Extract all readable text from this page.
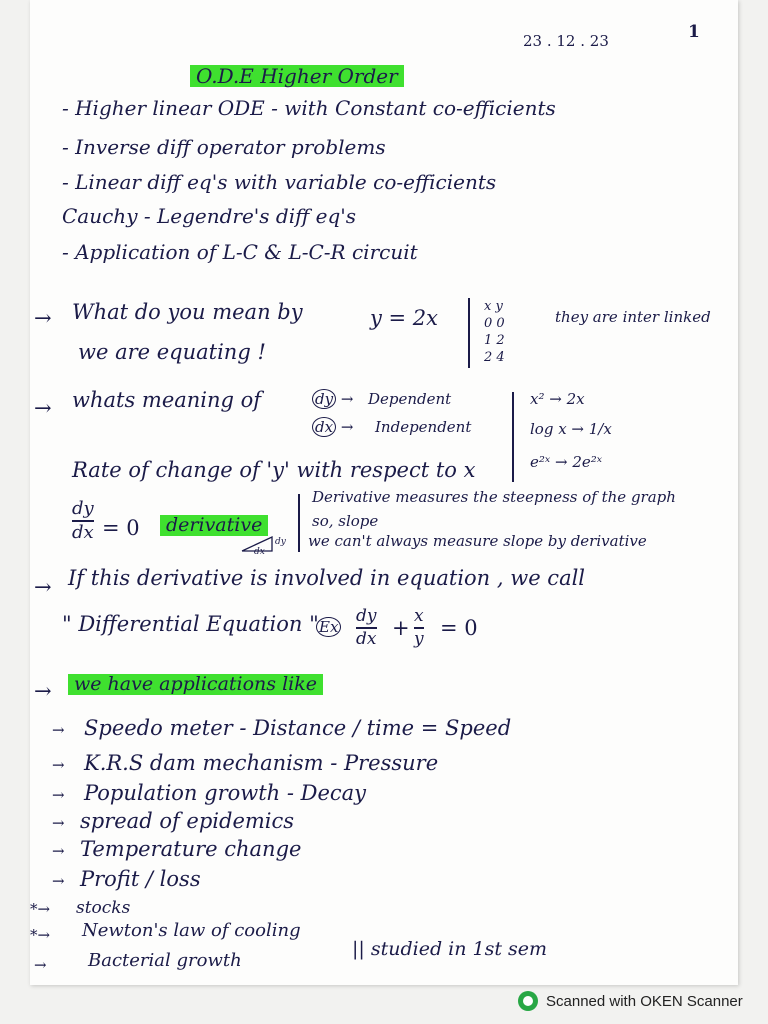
23 . 12 . 23	1
O.D.E Higher Order
- Higher linear ODE - with Constant co-efficients
- Inverse diff operator problems
- Linear diff eq's with variable co-efficients
Cauchy - Legendre's diff eq's
- Application of L-C & L-C-R circuit
→ What do you mean by	y = 2x
we are equating !
x y
0 0
1 2
2 4
they are inter linked
→ whats meaning of	dy → Dependent
dx → Independent
x² → 2x
log x → 1/x
e²ˣ → 2e²ˣ
Rate of change of 'y' with respect to x
dy
dx = 0	derivative
dx
dy
Derivative measures the steepness of the graph
so, slope
we can't always measure slope by derivative
→ If this derivative is involved in equation , we call
" Differential Equation " Ex
dy
dx + x
y = 0
→	we have applications like
→ Speedo meter - Distance / time = Speed
→ K.R.S dam mechanism - Pressure
→ Population growth - Decay
→ spread of epidemics
→ Temperature change
→ Profit / loss
*→ stocks
*→ Newton's law of cooling
→ Bacterial growth
|| studied in 1st sem
Scanned with OKEN Scanner
